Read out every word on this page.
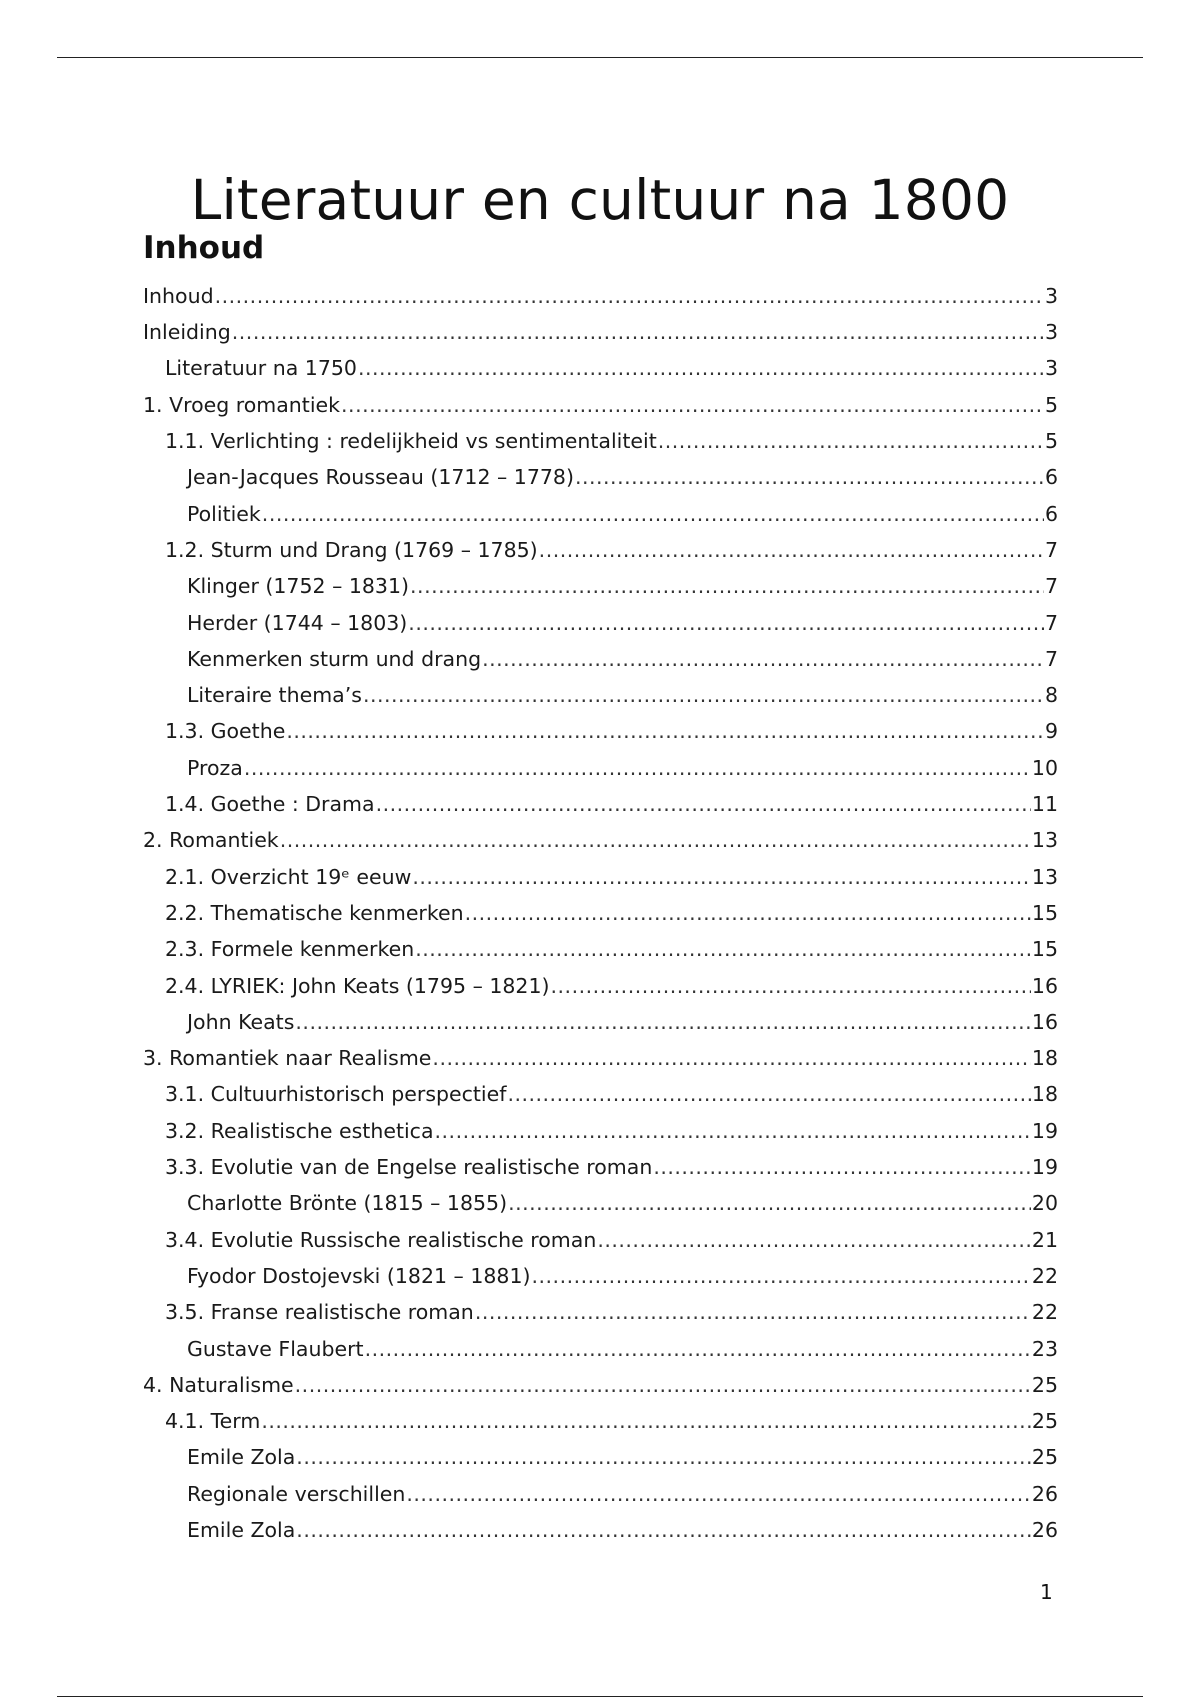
Literatuur en cultuur na 1800
Inhoud
Inhoud .....	3
Inleiding .....	3
Literatuur na 1750 .....	3
1. Vroeg romantiek .....	5
1.1. Verlichting : redelijkheid vs sentimentaliteit .....	5
Jean-Jacques Rousseau (1712 – 1778) .....	6
Politiek .....	6
1.2. Sturm und Drang (1769 – 1785) .....	7
Klinger (1752 – 1831) .....	7
Herder (1744 – 1803) .....	7
Kenmerken sturm und drang .....	7
Literaire thema’s .....	8
1.3. Goethe .....	9
Proza .....	10
1.4. Goethe : Drama .....	11
2. Romantiek .....	13
2.1. Overzicht 19ᵉ eeuw .....	13
2.2. Thematische kenmerken .....	15
2.3. Formele kenmerken .....	15
2.4. LYRIEK: John Keats (1795 – 1821) .....	16
John Keats .....	16
3. Romantiek naar Realisme .....	18
3.1. Cultuurhistorisch perspectief .....	18
3.2. Realistische esthetica .....	19
3.3. Evolutie van de Engelse realistische roman .....	19
Charlotte Brönte (1815 – 1855) .....	20
3.4. Evolutie Russische realistische roman .....	21
Fyodor Dostojevski (1821 – 1881) .....	22
3.5. Franse realistische roman .....	22
Gustave Flaubert .....	23
4. Naturalisme .....	25
4.1. Term .....	25
Emile Zola .....	25
Regionale verschillen .....	26
Emile Zola .....	26
1
